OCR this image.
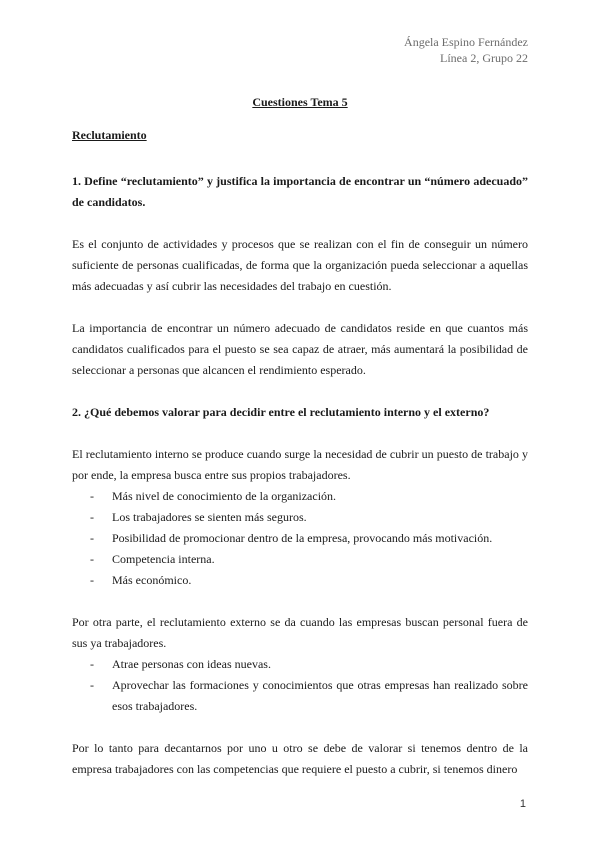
Ángela Espino Fernández
Línea 2, Grupo 22
Cuestiones Tema 5
Reclutamiento
1. Define “reclutamiento” y justifica la importancia de encontrar un “número adecuado” de candidatos.

Es el conjunto de actividades y procesos que se realizan con el fin de conseguir un número suficiente de personas cualificadas, de forma que la organización pueda seleccionar a aquellas más adecuadas y así cubrir las necesidades del trabajo en cuestión.

La importancia de encontrar un número adecuado de candidatos reside en que cuantos más candidatos cualificados para el puesto se sea capaz de atraer, más aumentará la posibilidad de seleccionar a personas que alcancen el rendimiento esperado.

2. ¿Qué debemos valorar para decidir entre el reclutamiento interno y el externo?

El reclutamiento interno se produce cuando surge la necesidad de cubrir un puesto de trabajo y por ende, la empresa busca entre sus propios trabajadores.

- Más nivel de conocimiento de la organización.
- Los trabajadores se sienten más seguros.
- Posibilidad de promocionar dentro de la empresa, provocando más motivación.
- Competencia interna.
- Más económico.

Por otra parte, el reclutamiento externo se da cuando las empresas buscan personal fuera de sus ya trabajadores.

- Atrae personas con ideas nuevas.
- Aprovechar las formaciones y conocimientos que otras empresas han realizado sobre esos trabajadores.

Por lo tanto para decantarnos por uno u otro se debe de valorar si tenemos dentro de la empresa trabajadores con las competencias que requiere el puesto a cubrir, si tenemos dinero

1
